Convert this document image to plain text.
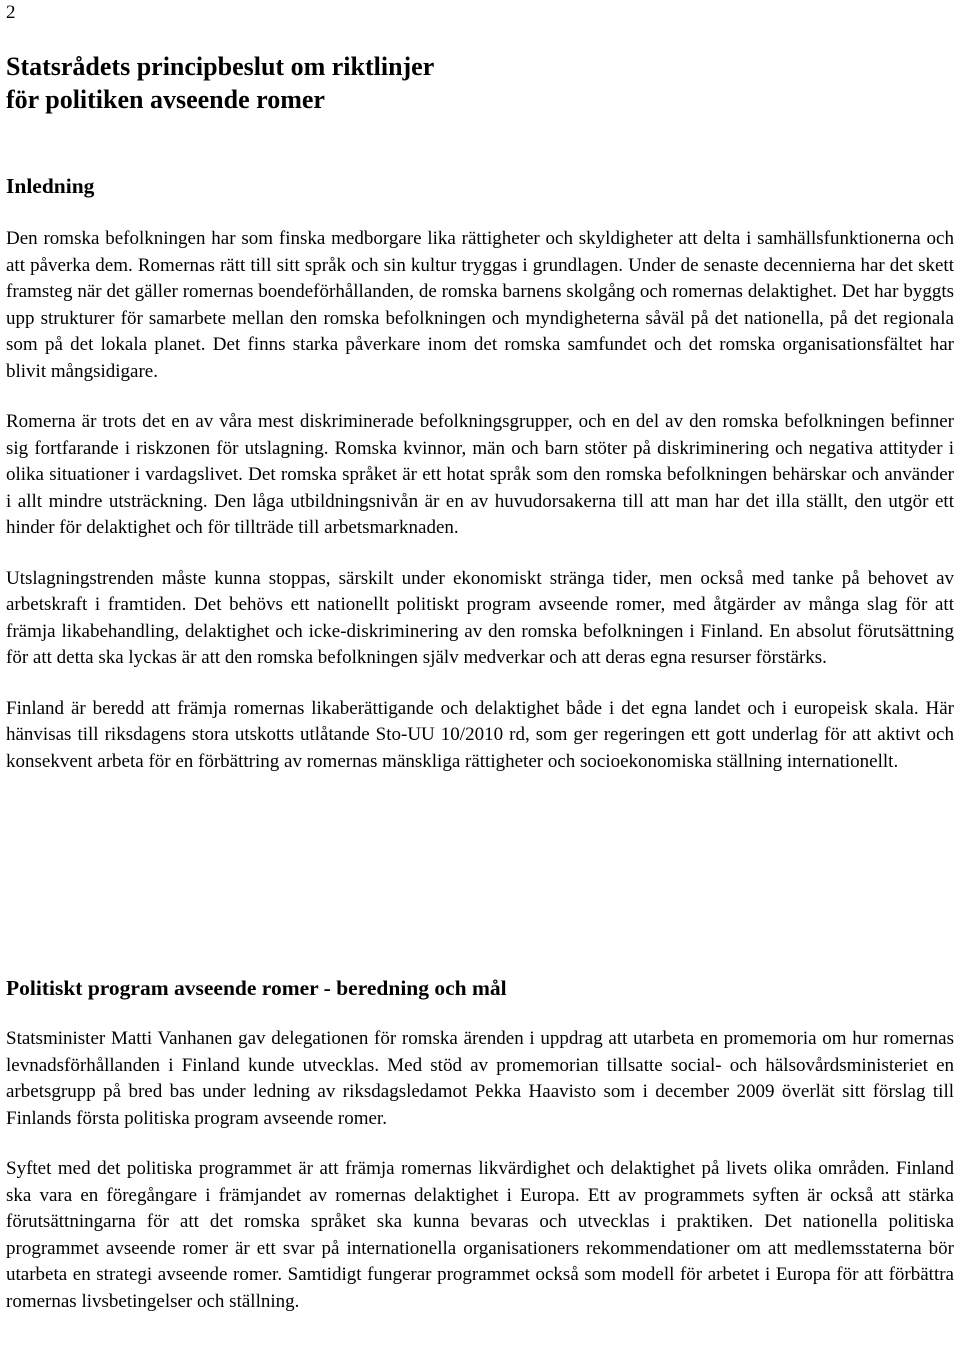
2
Statsrådets principbeslut om riktlinjer
för politiken avseende romer
Inledning

Den romska befolkningen har som finska medborgare lika rättigheter och skyldigheter att delta i samhällsfunktionerna och att påverka dem. Romernas rätt till sitt språk och sin kultur tryggas i grundlagen. Under de senaste decennierna har det skett framsteg när det gäller romernas boendeförhållanden, de romska barnens skolgång och romernas delaktighet. Det har byggts upp strukturer för samarbete mellan den romska befolkningen och myndigheterna såväl på det nationella, på det regionala som på det lokala planet. Det finns starka påverkare inom det romska samfundet och det romska organisationsfältet har blivit mångsidigare.

Romerna är trots det en av våra mest diskriminerade befolkningsgrupper, och en del av den romska befolkningen befinner sig fortfarande i riskzonen för utslagning. Romska kvinnor, män och barn stöter på diskriminering och negativa attityder i olika situationer i vardagslivet. Det romska språket är ett hotat språk som den romska befolkningen behärskar och använder i allt mindre utsträckning. Den låga utbildningsnivån är en av huvudorsakerna till att man har det illa ställt, den utgör ett hinder för delaktighet och för tillträde till arbetsmarknaden.

Utslagningstrenden måste kunna stoppas, särskilt under ekonomiskt stränga tider, men också med tanke på behovet av arbetskraft i framtiden. Det behövs ett nationellt politiskt program avseende romer, med åtgärder av många slag för att främja likabehandling, delaktighet och icke-diskriminering av den romska befolkningen i Finland. En absolut förutsättning för att detta ska lyckas är att den romska befolkningen själv medverkar och att deras egna resurser förstärks.

Finland är beredd att främja romernas likaberättigande och delaktighet både i det egna landet och i europeisk skala. Här hänvisas till riksdagens stora utskotts utlåtande Sto-UU 10/2010 rd, som ger regeringen ett gott underlag för att aktivt och konsekvent arbeta för en förbättring av romernas mänskliga rättigheter och socioekonomiska ställning internationellt.

Politiskt program avseende romer - beredning och mål

Statsminister Matti Vanhanen gav delegationen för romska ärenden i uppdrag att utarbeta en promemoria om hur romernas levnadsförhållanden i Finland kunde utvecklas. Med stöd av promemorian tillsatte social- och hälsovårdsministeriet en arbetsgrupp på bred bas under ledning av riksdagsledamot Pekka Haavisto som i december 2009 överlät sitt förslag till Finlands första politiska program avseende romer.

Syftet med det politiska programmet är att främja romernas likvärdighet och delaktighet på livets olika områden. Finland ska vara en föregångare i främjandet av romernas delaktighet i Europa. Ett av programmets syften är också att stärka förutsättningarna för att det romska språket ska kunna bevaras och utvecklas i praktiken. Det nationella politiska programmet avseende romer är ett svar på internationella organisationers rekommendationer om att medlemsstaterna bör utarbeta en strategi avseende romer. Samtidigt fungerar programmet också som modell för arbetet i Europa för att förbättra romernas livsbetingelser och ställning.
